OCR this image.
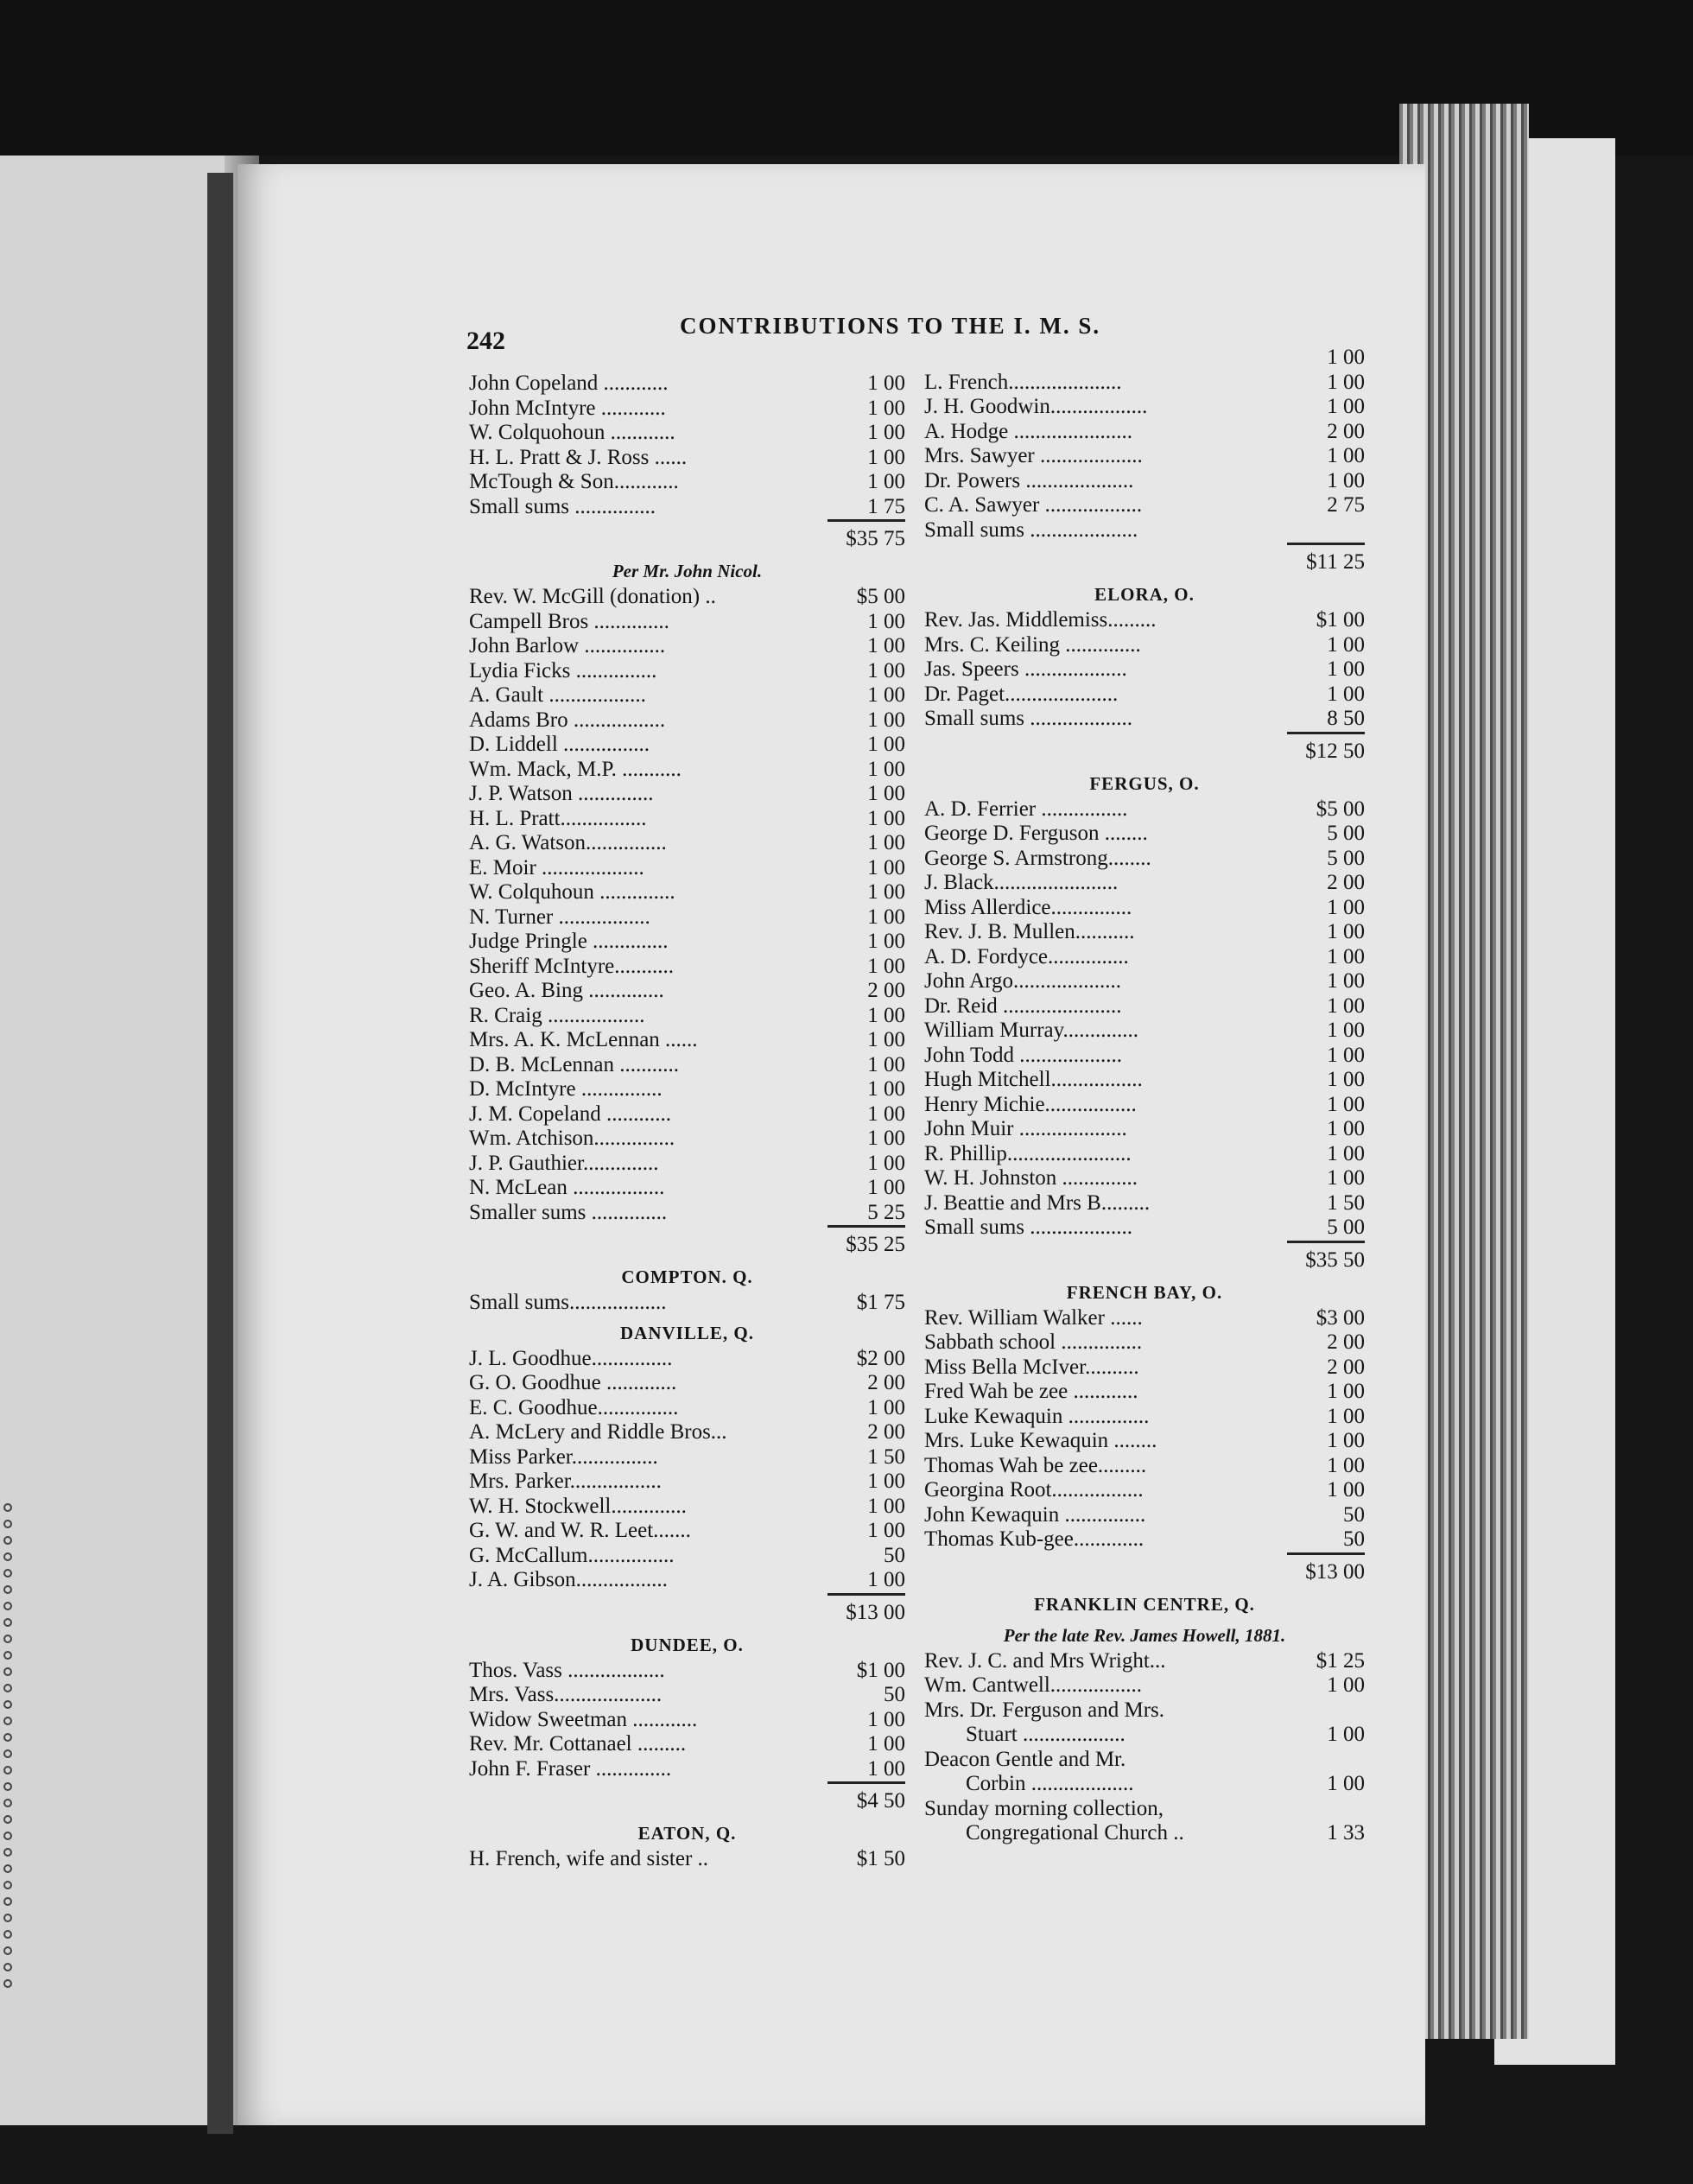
242
CONTRIBUTIONS TO THE I. M. S.
John Copeland ............	1 00
John McIntyre ............	1 00
W. Colquohoun ............	1 00
H. L. Pratt & J. Ross ......	1 00
McTough & Son............	1 00
Small sums ...............	1 75
$35 75
Per Mr. John Nicol.
Rev. W. McGill (donation) ..	$5 00
Campell Bros ..............	1 00
John Barlow ...............	1 00
Lydia Ficks ...............	1 00
A. Gault ..................	1 00
Adams Bro .................	1 00
D. Liddell ................	1 00
Wm. Mack, M.P. ...........	1 00
J. P. Watson ..............	1 00
H. L. Pratt................	1 00
A. G. Watson...............	1 00
E. Moir ...................	1 00
W. Colquhoun ..............	1 00
N. Turner .................	1 00
Judge Pringle ..............	1 00
Sheriff McIntyre...........	1 00
Geo. A. Bing ..............	2 00
R. Craig ..................	1 00
Mrs. A. K. McLennan ......	1 00
D. B. McLennan ...........	1 00
D. McIntyre ...............	1 00
J. M. Copeland ............	1 00
Wm. Atchison...............	1 00
J. P. Gauthier..............	1 00
N. McLean .................	1 00
Smaller sums ..............	5 25
$35 25
COMPTON. Q.
Small sums..................	$1 75
DANVILLE, Q.
J. L. Goodhue...............	$2 00
G. O. Goodhue .............	2 00
E. C. Goodhue...............	1 00
A. McLery and Riddle Bros...	2 00
Miss Parker................	1 50
Mrs. Parker.................	1 00
W. H. Stockwell..............	1 00
G. W. and W. R. Leet.......	1 00
G. McCallum................	50
J. A. Gibson.................	1 00
$13 00
DUNDEE, O.
Thos. Vass ..................	$1 00
Mrs. Vass....................	50
Widow Sweetman ............	1 00
Rev. Mr. Cottanael .........	1 00
John F. Fraser ..............	1 00
$4 50
EATON, Q.
H. French, wife and sister ..	$1 50
1 00
L. French.....................	1 00
J. H. Goodwin..................	1 00
A. Hodge ......................	2 00
Mrs. Sawyer ...................	1 00
Dr. Powers ....................	1 00
C. A. Sawyer ..................	2 75
Small sums ....................
$11 25
ELORA, O.
Rev. Jas. Middlemiss.........	$1 00
Mrs. C. Keiling ..............	1 00
Jas. Speers ...................	1 00
Dr. Paget.....................	1 00
Small sums ...................	8 50
$12 50
FERGUS, O.
A. D. Ferrier ................	$5 00
George D. Ferguson ........	5 00
George S. Armstrong........	5 00
J. Black.......................	2 00
Miss Allerdice...............	1 00
Rev. J. B. Mullen...........	1 00
A. D. Fordyce...............	1 00
John Argo....................	1 00
Dr. Reid ......................	1 00
William Murray..............	1 00
John Todd ...................	1 00
Hugh Mitchell.................	1 00
Henry Michie.................	1 00
John Muir ....................	1 00
R. Phillip.......................	1 00
W. H. Johnston ..............	1 00
J. Beattie and Mrs B.........	1 50
Small sums ...................	5 00
$35 50
FRENCH BAY, O.
Rev. William Walker ......	$3 00
Sabbath school ...............	2 00
Miss Bella McIver..........	2 00
Fred Wah be zee ............	1 00
Luke Kewaquin ...............	1 00
Mrs. Luke Kewaquin ........	1 00
Thomas Wah be zee.........	1 00
Georgina Root.................	1 00
John Kewaquin ...............	50
Thomas Kub-gee.............	50
$13 00
FRANKLIN CENTRE, Q.
Per the late Rev. James Howell, 1881.
Rev. J. C. and Mrs Wright...	$1 25
Wm. Cantwell.................	1 00
Mrs. Dr. Ferguson and Mrs.
Stuart ...................	1 00
Deacon Gentle and Mr.
Corbin ...................	1 00
Sunday morning collection,
Congregational Church ..	1 33
